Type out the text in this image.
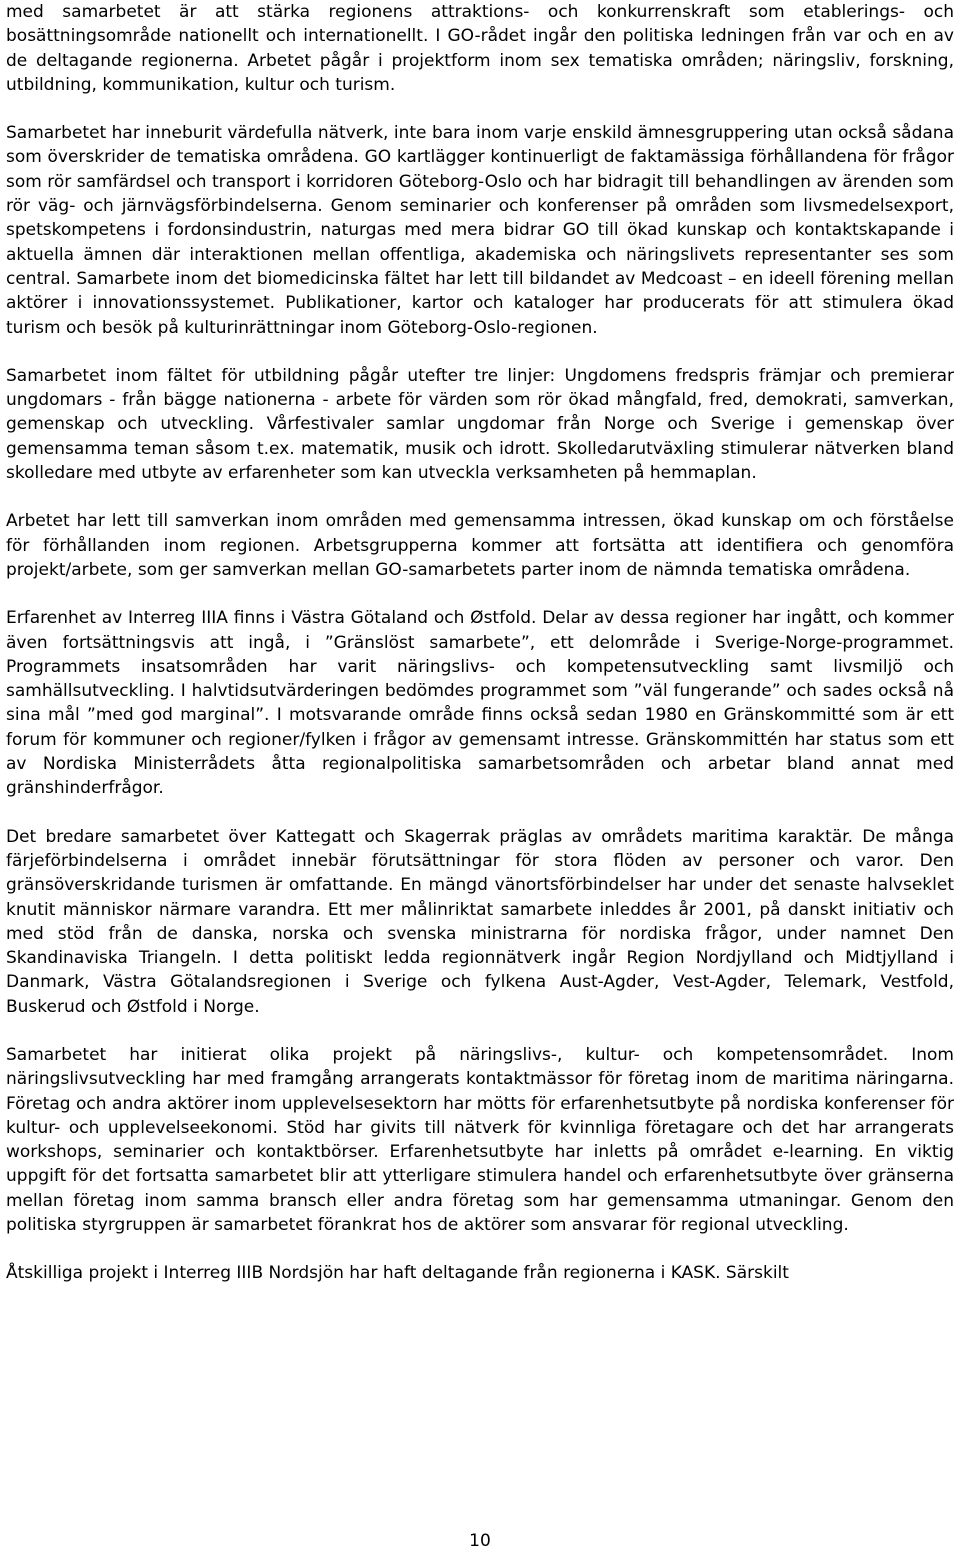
med samarbetet är att stärka regionens attraktions- och konkurrenskraft som etablerings- och bosättningsområde nationellt och internationellt. I GO-rådet ingår den politiska ledningen från var och en av de deltagande regionerna. Arbetet pågår i projektform inom sex tematiska områden; näringsliv, forskning, utbildning, kommunikation, kultur och turism.

Samarbetet har inneburit värdefulla nätverk, inte bara inom varje enskild ämnesgruppering utan också sådana som överskrider de tematiska områdena. GO kartlägger kontinuerligt de faktamässiga förhållandena för frågor som rör samfärdsel och transport i korridoren Göteborg-Oslo och har bidragit till behandlingen av ärenden som rör väg- och järnvägsförbindelserna. Genom seminarier och konferenser på områden som livsmedelsexport, spetskompetens i fordonsindustrin, naturgas med mera bidrar GO till ökad kunskap och kontaktskapande i aktuella ämnen där interaktionen mellan offentliga, akademiska och näringslivets representanter ses som central. Samarbete inom det biomedicinska fältet har lett till bildandet av Medcoast – en ideell förening mellan aktörer i innovationssystemet. Publikationer, kartor och kataloger har producerats för att stimulera ökad turism och besök på kulturinrättningar inom Göteborg-Oslo-regionen.

Samarbetet inom fältet för utbildning pågår utefter tre linjer: Ungdomens fredspris främjar och premierar ungdomars - från bägge nationerna - arbete för värden som rör ökad mångfald, fred, demokrati, samverkan, gemenskap och utveckling. Vårfestivaler samlar ungdomar från Norge och Sverige i gemenskap över gemensamma teman såsom t.ex. matematik, musik och idrott. Skolledarutväxling stimulerar nätverken bland skolledare med utbyte av erfarenheter som kan utveckla verksamheten på hemmaplan.

Arbetet har lett till samverkan inom områden med gemensamma intressen, ökad kunskap om och förståelse för förhållanden inom regionen. Arbetsgrupperna kommer att fortsätta att identifiera och genomföra projekt/arbete, som ger samverkan mellan GO-samarbetets parter inom de nämnda tematiska områdena.

Erfarenhet av Interreg IIIA finns i Västra Götaland och Østfold. Delar av dessa regioner har ingått, och kommer även fortsättningsvis att ingå, i ”Gränslöst samarbete”, ett delområde i Sverige-Norge-programmet. Programmets insatsområden har varit näringslivs- och kompetensutveckling samt livsmiljö och samhällsutveckling. I halvtidsutvärderingen bedömdes programmet som ”väl fungerande” och sades också nå sina mål ”med god marginal”. I motsvarande område finns också sedan 1980 en Gränskommitté som är ett forum för kommuner och regioner/fylken i frågor av gemensamt intresse. Gränskommittén har status som ett av Nordiska Ministerrådets åtta regionalpolitiska samarbetsområden och arbetar bland annat med gränshinderfrågor.

Det bredare samarbetet över Kattegatt och Skagerrak präglas av områdets maritima karaktär. De många färjeförbindelserna i området innebär förutsättningar för stora flöden av personer och varor. Den gränsöverskridande turismen är omfattande. En mängd vänortsförbindelser har under det senaste halvseklet knutit människor närmare varandra. Ett mer målinriktat samarbete inleddes år 2001, på danskt initiativ och med stöd från de danska, norska och svenska ministrarna för nordiska frågor, under namnet Den Skandinaviska Triangeln. I detta politiskt ledda regionnätverk ingår Region Nordjylland och Midtjylland i Danmark, Västra Götalandsregionen i Sverige och fylkena Aust-Agder, Vest-Agder, Telemark, Vestfold, Buskerud och Østfold i Norge.

Samarbetet har initierat olika projekt på näringslivs-, kultur- och kompetensområdet. Inom näringslivsutveckling har med framgång arrangerats kontaktmässor för företag inom de maritima näringarna. Företag och andra aktörer inom upplevelsesektorn har mötts för erfarenhetsutbyte på nordiska konferenser för kultur- och upplevelseekonomi. Stöd har givits till nätverk för kvinnliga företagare och det har arrangerats workshops, seminarier och kontaktbörser. Erfarenhetsutbyte har inletts på området e-learning. En viktig uppgift för det fortsatta samarbetet blir att ytterligare stimulera handel och erfarenhetsutbyte över gränserna mellan företag inom samma bransch eller andra företag som har gemensamma utmaningar. Genom den politiska styrgruppen är samarbetet förankrat hos de aktörer som ansvarar för regional utveckling.

Åtskilliga projekt i Interreg IIIB Nordsjön har haft deltagande från regionerna i KASK. Särskilt

10
